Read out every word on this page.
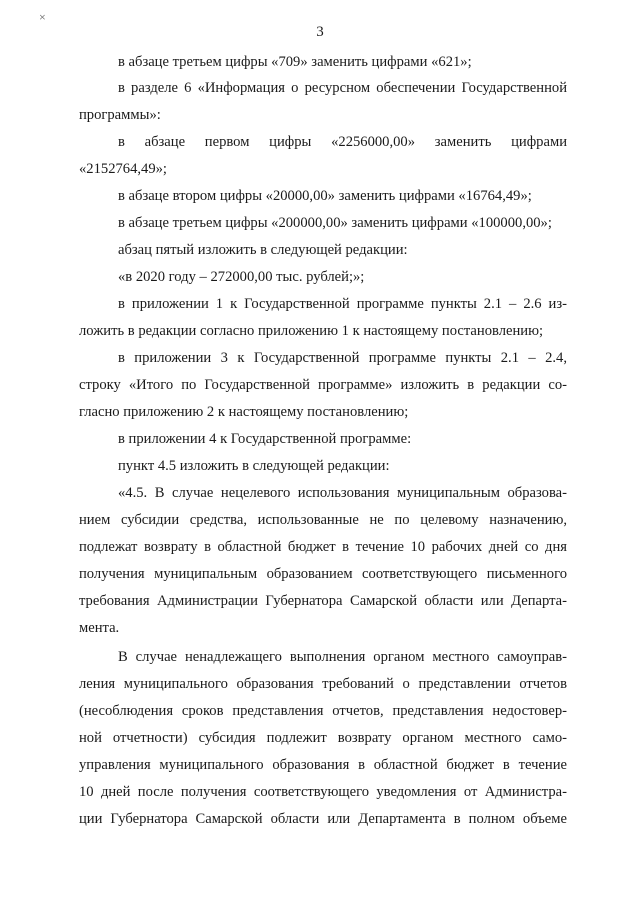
×
3
в абзаце третьем цифры «709» заменить цифрами «621»;
в разделе 6 «Информация о ресурсном обеспечении Государственной
программы»:
в абзаце первом цифры «2256000,00» заменить цифрами
«2152764,49»;
в абзаце втором цифры «20000,00» заменить цифрами «16764,49»;
в абзаце третьем цифры «200000,00» заменить цифрами «100000,00»;
абзац пятый изложить в следующей редакции:
«в 2020 году – 272000,00 тыс. рублей;»;
в приложении 1 к Государственной программе пункты 2.1 – 2.6 из-
ложить в редакции согласно приложению 1 к настоящему постановлению;
в приложении 3 к Государственной программе пункты 2.1 – 2.4,
строку «Итого по Государственной программе» изложить в редакции со-
гласно приложению 2 к настоящему постановлению;
в приложении 4 к Государственной программе:
пункт 4.5 изложить в следующей редакции:
«4.5. В случае нецелевого использования муниципальным образова-
нием субсидии средства, использованные не по целевому назначению,
подлежат возврату в областной бюджет в течение 10 рабочих дней со дня
получения муниципальным образованием соответствующего письменного
требования Администрации Губернатора Самарской области или Департа-
мента.
В случае ненадлежащего выполнения органом местного самоуправ-
ления муниципального образования требований о представлении отчетов
(несоблюдения сроков представления отчетов, представления недостовер-
ной отчетности) субсидия подлежит возврату органом местного само-
управления муниципального образования в областной бюджет в течение
10 дней после получения соответствующего уведомления от Администра-
ции Губернатора Самарской области или Департамента в полном объеме
